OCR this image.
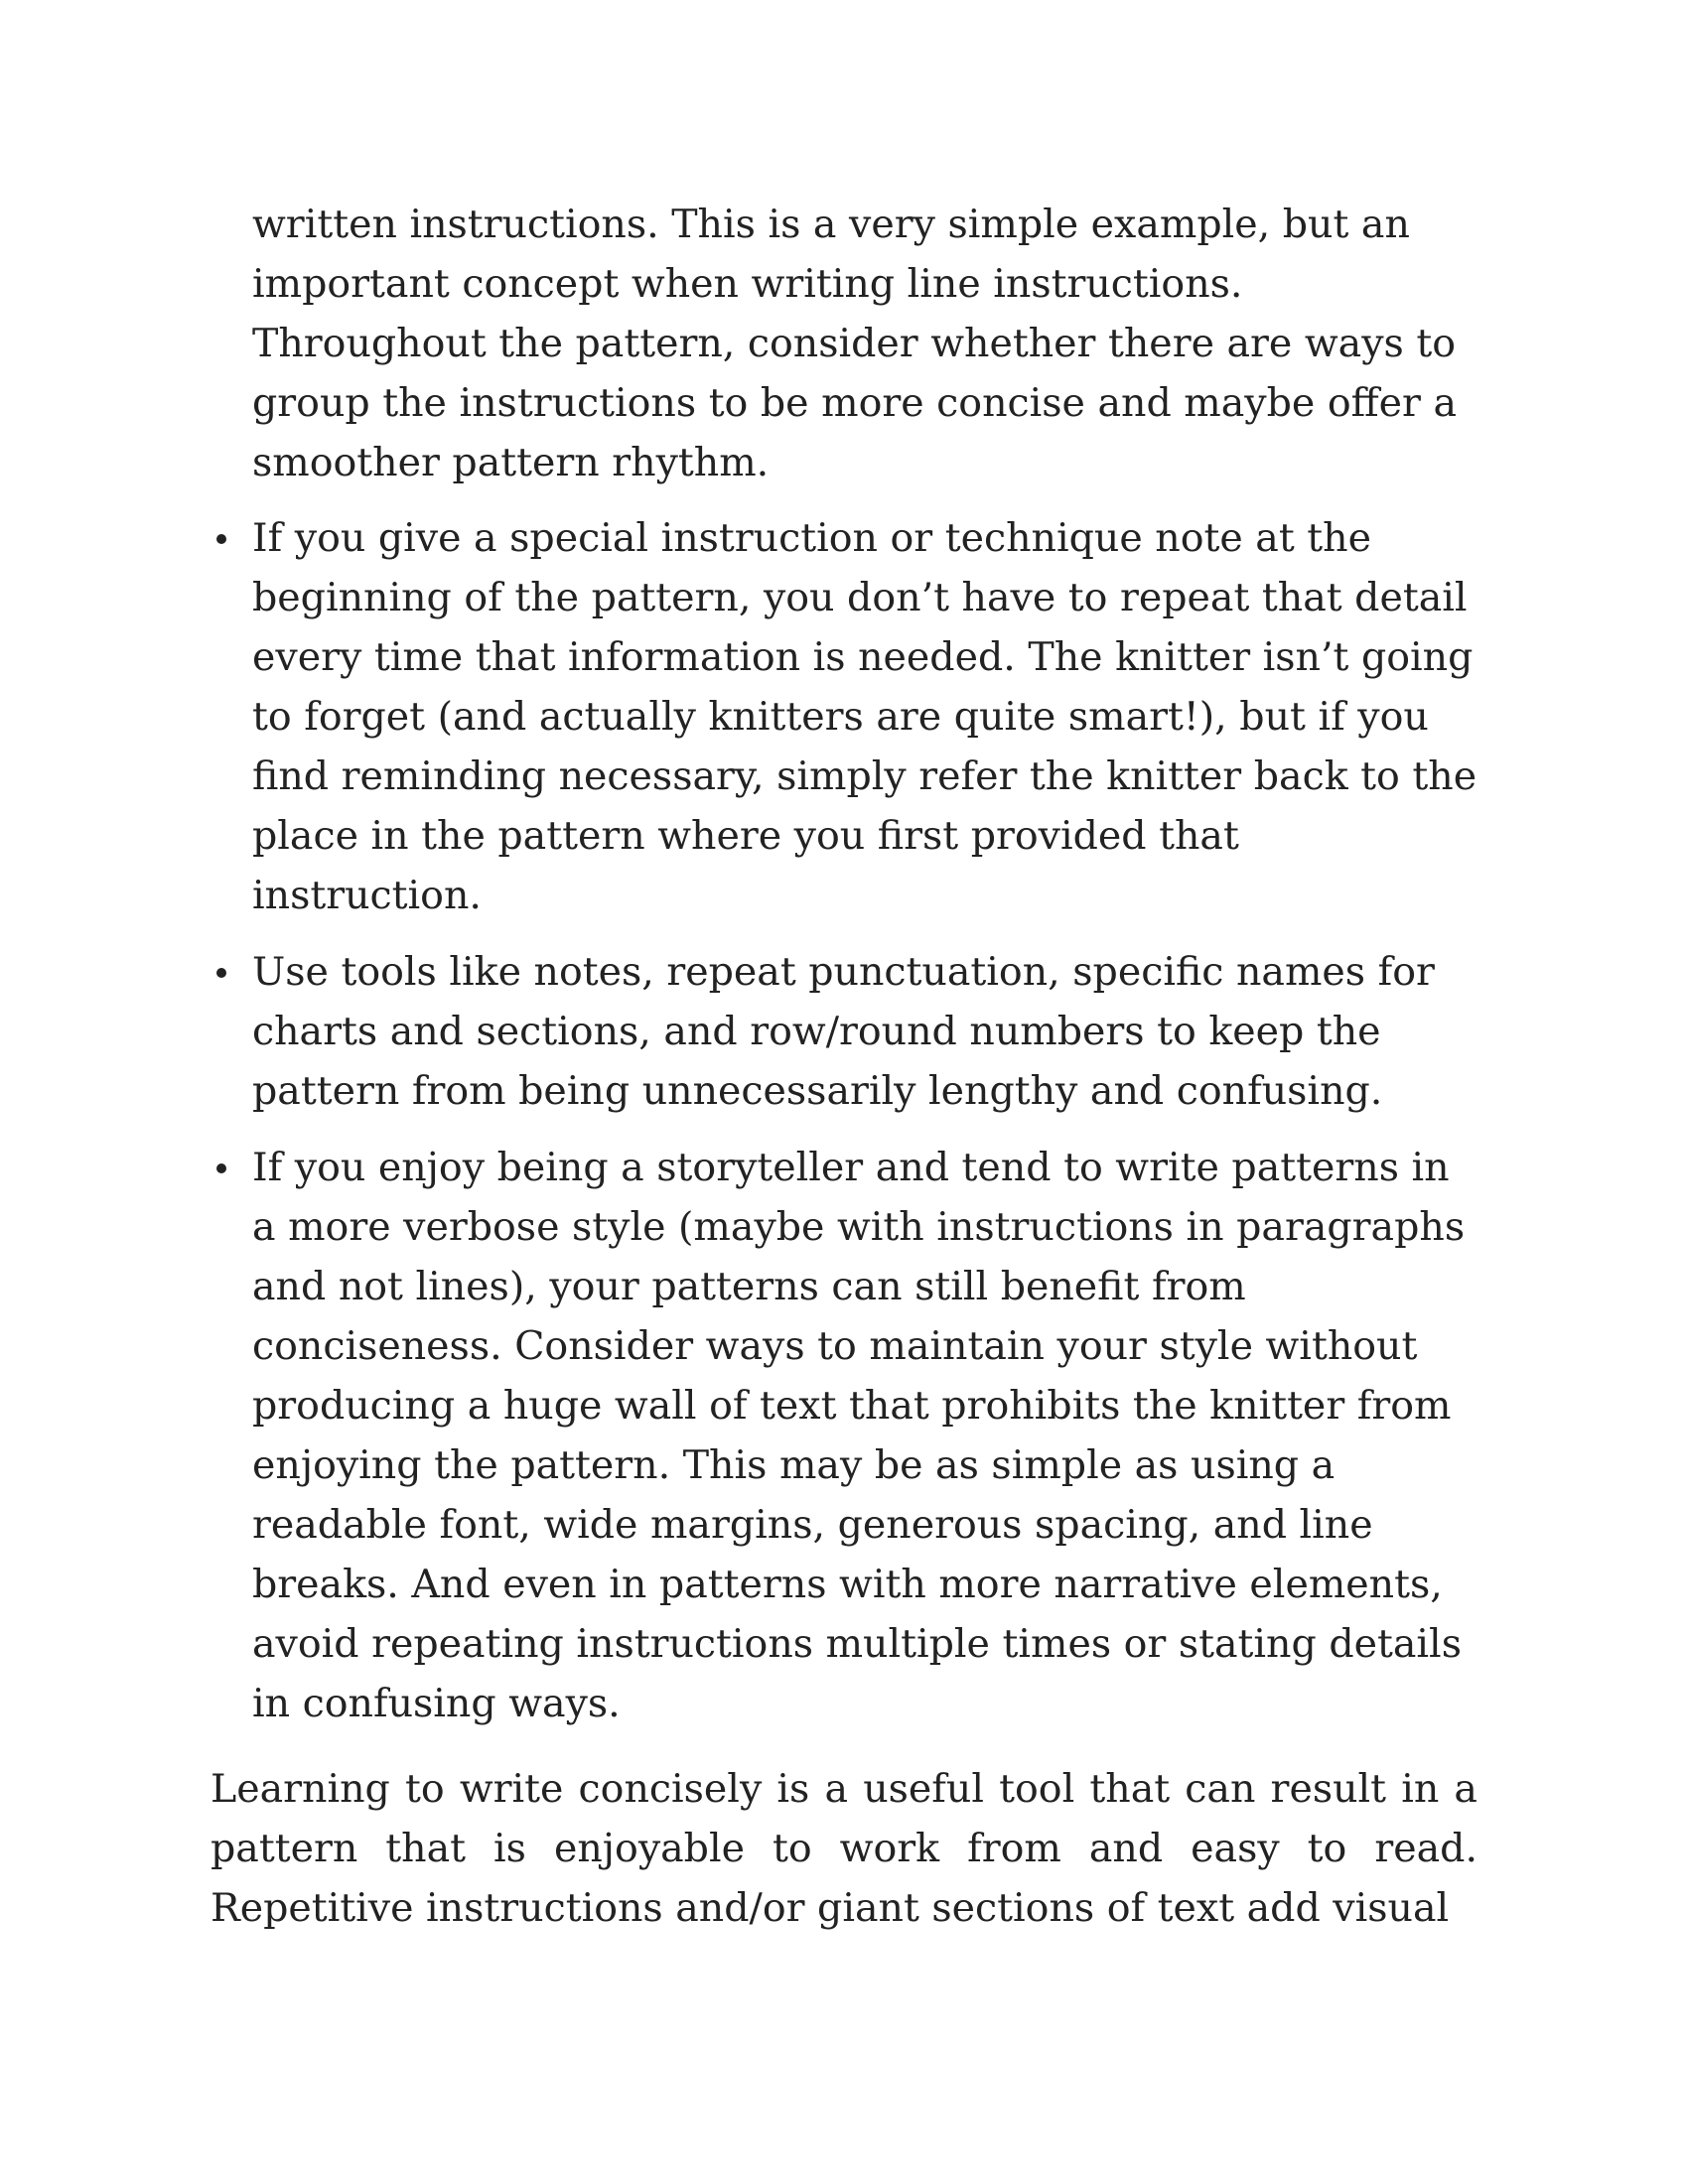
written instructions. This is a very simple example, but an important concept when writing line instructions. Throughout the pattern, consider whether there are ways to group the instructions to be more concise and maybe offer a smoother pattern rhythm.

If you give a special instruction or technique note at the beginning of the pattern, you don’t have to repeat that detail every time that information is needed. The knitter isn’t going to forget (and actually knitters are quite smart!), but if you find reminding necessary, simply refer the knitter back to the place in the pattern where you first provided that instruction.
Use tools like notes, repeat punctuation, specific names for charts and sections, and row/round numbers to keep the pattern from being unnecessarily lengthy and confusing.
If you enjoy being a storyteller and tend to write patterns in a more verbose style (maybe with instructions in paragraphs and not lines), your patterns can still benefit from conciseness. Consider ways to maintain your style without producing a huge wall of text that prohibits the knitter from enjoying the pattern. This may be as simple as using a readable font, wide margins, generous spacing, and line breaks. And even in patterns with more narrative elements, avoid repeating instructions multiple times or stating details in confusing ways.

Learning to write concisely is a useful tool that can result in a pattern that is enjoyable to work from and easy to read. Repetitive instructions and/or giant sections of text add visual
